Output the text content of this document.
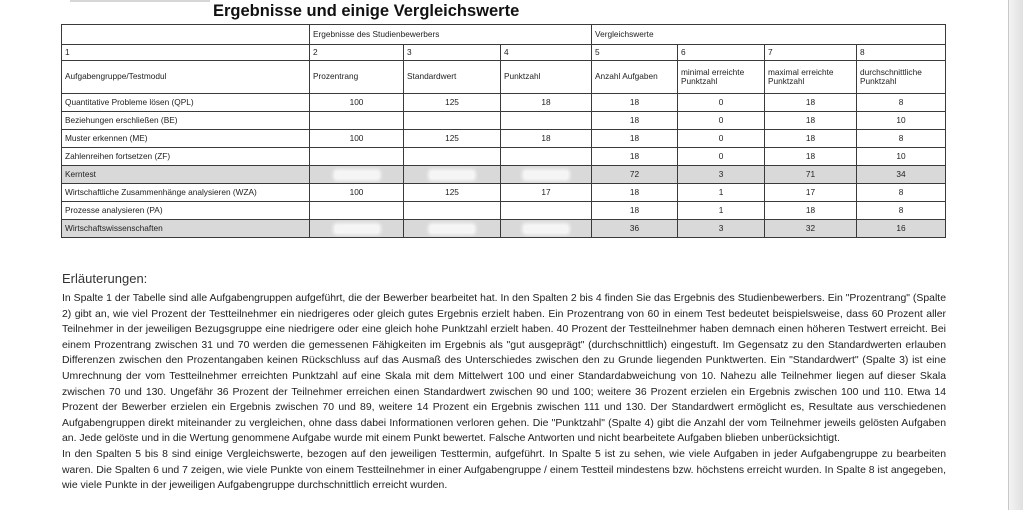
Ergebnisse und einige Vergleichswerte
	Ergebnisse des Studienbewerbers			Vergleichswerte			
1	2	3	4	5	6	7	8
Aufgabengruppe/Testmodul	Prozentrang	Standardwert	Punktzahl	Anzahl Aufgaben	minimal erreichte Punktzahl	maximal erreichte Punktzahl	durchschnittliche Punktzahl
Quantitative Probleme lösen (QPL)	100	125	18	18	0	18	8
Beziehungen erschließen (BE)				18	0	18	10
Muster erkennen (ME)	100	125	18	18	0	18	8
Zahlenreihen fortsetzen (ZF)				18	0	18	10
Kerntest				72	3	71	34
Wirtschaftliche Zusammenhänge analysieren (WZA)	100	125	17	18	1	17	8
Prozesse analysieren (PA)				18	1	18	8
Wirtschaftswissenschaften				36	3	32	16
Erläuterungen:

In Spalte 1 der Tabelle sind alle Aufgabengruppen aufgeführt, die der Bewerber bearbeitet hat. In den Spalten 2 bis 4 finden Sie das Ergebnis des Studienbewerbers. Ein "Prozentrang" (Spalte 2) gibt an, wie viel Prozent der Testteilnehmer ein niedrigeres oder gleich gutes Ergebnis erzielt haben. Ein Prozentrang von 60 in einem Test bedeutet beispielsweise, dass 60 Prozent aller Teilnehmer in der jeweiligen Bezugsgruppe eine niedrigere oder eine gleich hohe Punktzahl erzielt haben. 40 Prozent der Testteilnehmer haben demnach einen höheren Testwert erreicht. Bei einem Prozentrang zwischen 31 und 70 werden die gemessenen Fähigkeiten im Ergebnis als "gut ausgeprägt" (durchschnittlich) eingestuft. Im Gegensatz zu den Standardwerten erlauben Differenzen zwischen den Prozentangaben keinen Rückschluss auf das Ausmaß des Unterschiedes zwischen den zu Grunde liegenden Punktwerten. Ein "Standardwert" (Spalte 3) ist eine Umrechnung der vom Testteilnehmer erreichten Punktzahl auf eine Skala mit dem Mittelwert 100 und einer Standardabweichung von 10. Nahezu alle Teilnehmer liegen auf dieser Skala zwischen 70 und 130. Ungefähr 36 Prozent der Teilnehmer erreichen einen Standardwert zwischen 90 und 100; weitere 36 Prozent erzielen ein Ergebnis zwischen 100 und 110. Etwa 14 Prozent der Bewerber erzielen ein Ergebnis zwischen 70 und 89, weitere 14 Prozent ein Ergebnis zwischen 111 und 130. Der Standardwert ermöglicht es, Resultate aus verschiedenen Aufgabengruppen direkt miteinander zu vergleichen, ohne dass dabei Informationen verloren gehen. Die "Punktzahl" (Spalte 4) gibt die Anzahl der vom Teilnehmer jeweils gelösten Aufgaben an. Jede gelöste und in die Wertung genommene Aufgabe wurde mit einem Punkt bewertet. Falsche Antworten und nicht bearbeitete Aufgaben blieben unberücksichtigt.

In den Spalten 5 bis 8 sind einige Vergleichswerte, bezogen auf den jeweiligen Testtermin, aufgeführt. In Spalte 5 ist zu sehen, wie viele Aufgaben in jeder Aufgabengruppe zu bearbeiten waren. Die Spalten 6 und 7 zeigen, wie viele Punkte von einem Testteilnehmer in einer Aufgabengruppe / einem Testteil mindestens bzw. höchstens erreicht wurden. In Spalte 8 ist angegeben, wie viele Punkte in der jeweiligen Aufgabengruppe durchschnittlich erreicht wurden.
